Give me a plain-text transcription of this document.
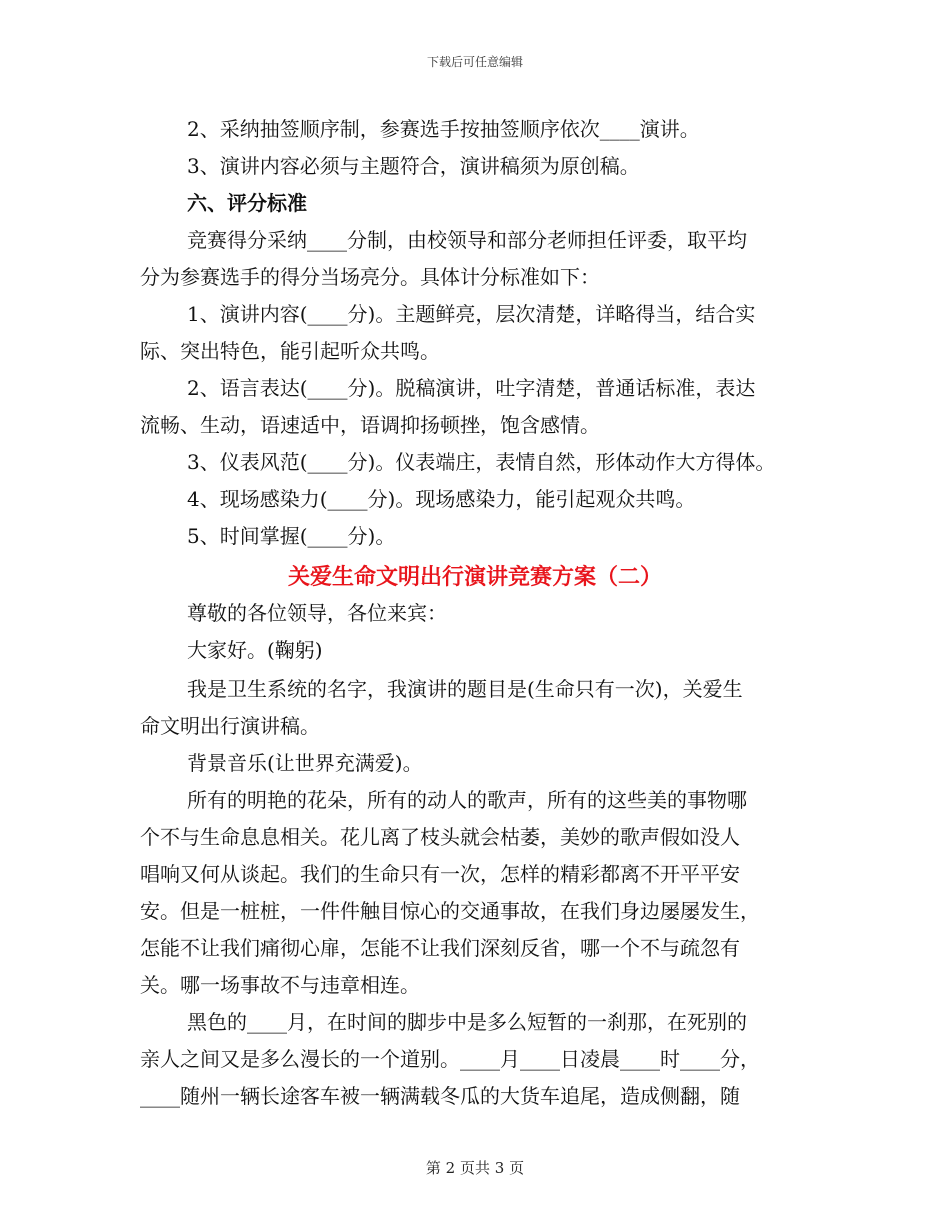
下载后可任意编辑
2、采纳抽签顺序制，参赛选手按抽签顺序依次____演讲。
3、演讲内容必须与主题符合，演讲稿须为原创稿。
六、评分标准
竞赛得分采纳____分制，由校领导和部分老师担任评委，取平均
分为参赛选手的得分当场亮分。具体计分标准如下：
1、演讲内容(____分)。主题鲜亮，层次清楚，详略得当，结合实
际、突出特色，能引起听众共鸣。
2、语言表达(____分)。脱稿演讲，吐字清楚，普通话标准，表达
流畅、生动，语速适中，语调抑扬顿挫，饱含感情。
3、仪表风范(____分)。仪表端庄，表情自然，形体动作大方得体。
4、现场感染力(____分)。现场感染力，能引起观众共鸣。
5、时间掌握(____分)。
关爱生命文明出行演讲竞赛方案（二）
尊敬的各位领导，各位来宾：
大家好。(鞠躬)
我是卫生系统的名字，我演讲的题目是(生命只有一次)，关爱生
命文明出行演讲稿。
背景音乐(让世界充满爱)。
所有的明艳的花朵，所有的动人的歌声，所有的这些美的事物哪
个不与生命息息相关。花儿离了枝头就会枯萎，美妙的歌声假如没人
唱响又何从谈起。我们的生命只有一次，怎样的精彩都离不开平平安
安。但是一桩桩，一件件触目惊心的交通事故，在我们身边屡屡发生，
怎能不让我们痛彻心扉，怎能不让我们深刻反省，哪一个不与疏忽有
关。哪一场事故不与违章相连。
黑色的____月，在时间的脚步中是多么短暂的一刹那，在死别的
亲人之间又是多么漫长的一个道别。____月____日凌晨____时____分，
____随州一辆长途客车被一辆满载冬瓜的大货车追尾，造成侧翻，随
第 2 页共 3 页
